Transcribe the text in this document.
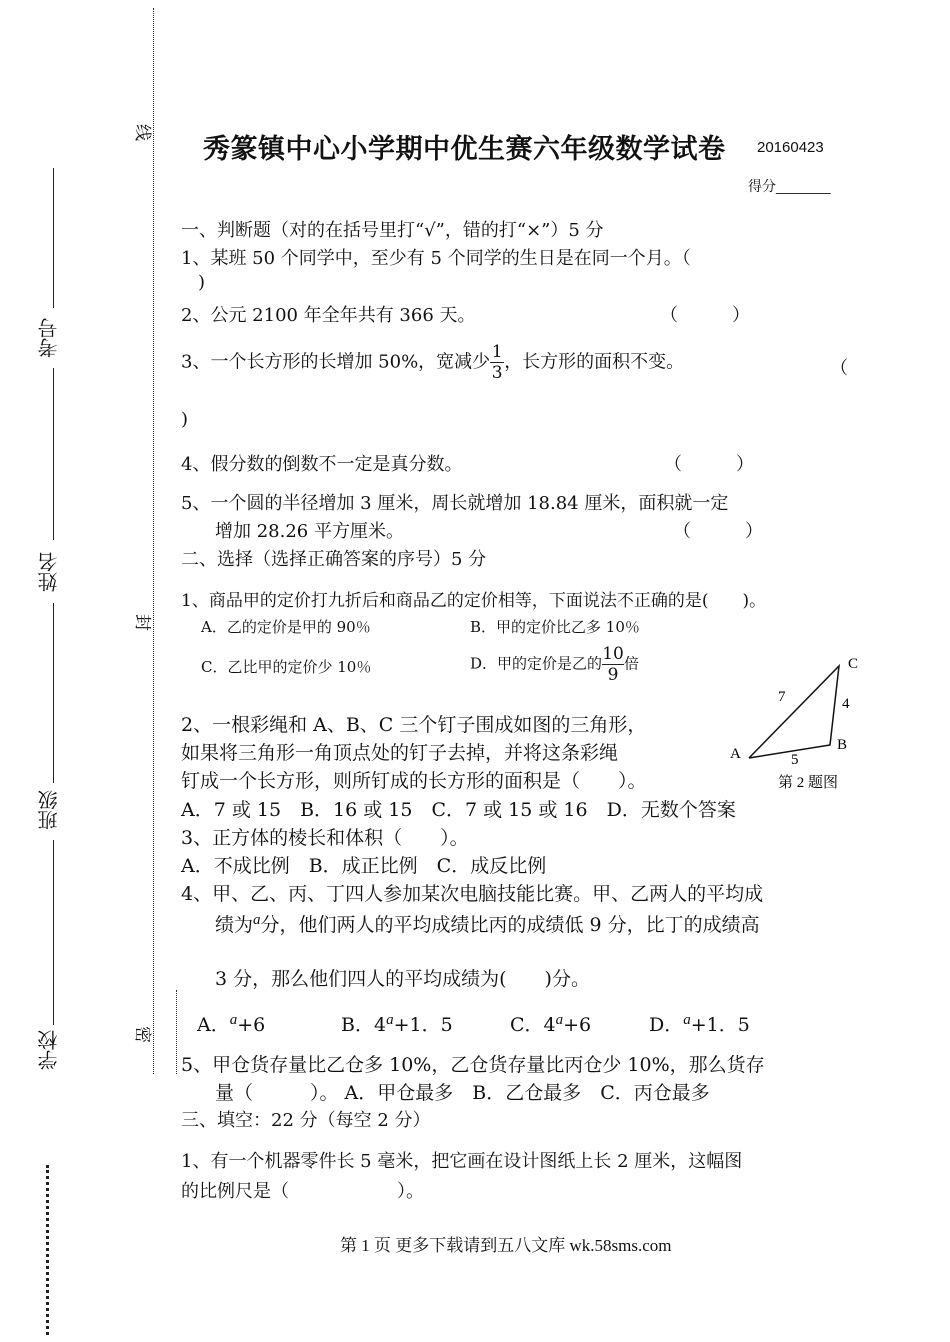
考号
姓名
班级
学校
线
封
密
秀篆镇中心小学期中优生赛六年级数学试卷 20160423
得分_______
一、判断题（对的在括号里打“√”，错的打“×”）5 分
1、某班 50 个同学中，至少有 5 个同学的生日是在同一个月。（
)
2、公元 2100 年全年共有 366 天。	（　　　）
3、一个长方形的长增加 50%，宽减少 $\frac{1}{3}$ ，长方形的面积不变。	（
)
4、假分数的倒数不一定是真分数。	（　　　）
5、一个圆的半径增加 3 厘米，周长就增加 18.84 厘米，面积就一定
增加 28.26 平方厘米。	（　　　）
二、选择（选择正确答案的序号）5 分
1、商品甲的定价打九折后和商品乙的定价相等，下面说法不正确的是(　　)。
A．乙的定价是甲的 90％	B．甲的定价比乙多 10％
C．乙比甲的定价少 10％	D．甲的定价是乙的 $\frac{10}{9}$ 倍
2、一根彩绳和 A、B、C 三个钉子围成如图的三角形，
如果将三角形一角顶点处的钉子去掉，并将这条彩绳
钉成一个长方形，则所钉成的长方形的面积是（　　）。
A．7 或 15　B．16 或 15　C．7 或 15 或 16　D．无数个答案
A
B
C
7	4
5
第 2 题图
3、正方体的棱长和体积（　　）。
A．不成比例　B．成正比例　C．成反比例
4、甲、乙、丙、丁四人参加某次电脑技能比赛。甲、乙两人的平均成
绩为$^a$分，他们两人的平均成绩比丙的成绩低 9 分，比丁的成绩高
3 分，那么他们四人的平均成绩为(　　)分。
A．$^a$+6	B．$4^a+1$．5	C．$4^a+6$	D．$^a$+1．5
5、甲仓货存量比乙仓多 10%，乙仓货存量比丙仓少 10%，那么货存
量（　　　）。 A．甲仓最多　B．乙仓最多　C．丙仓最多
三、填空：22 分（每空 2 分）
1、有一个机器零件长 5 毫米，把它画在设计图纸上长 2 厘米，这幅图
的比例尺是（　　　　　　）。
第 1 页 更多下载请到五八文库 wk.58sms.com
